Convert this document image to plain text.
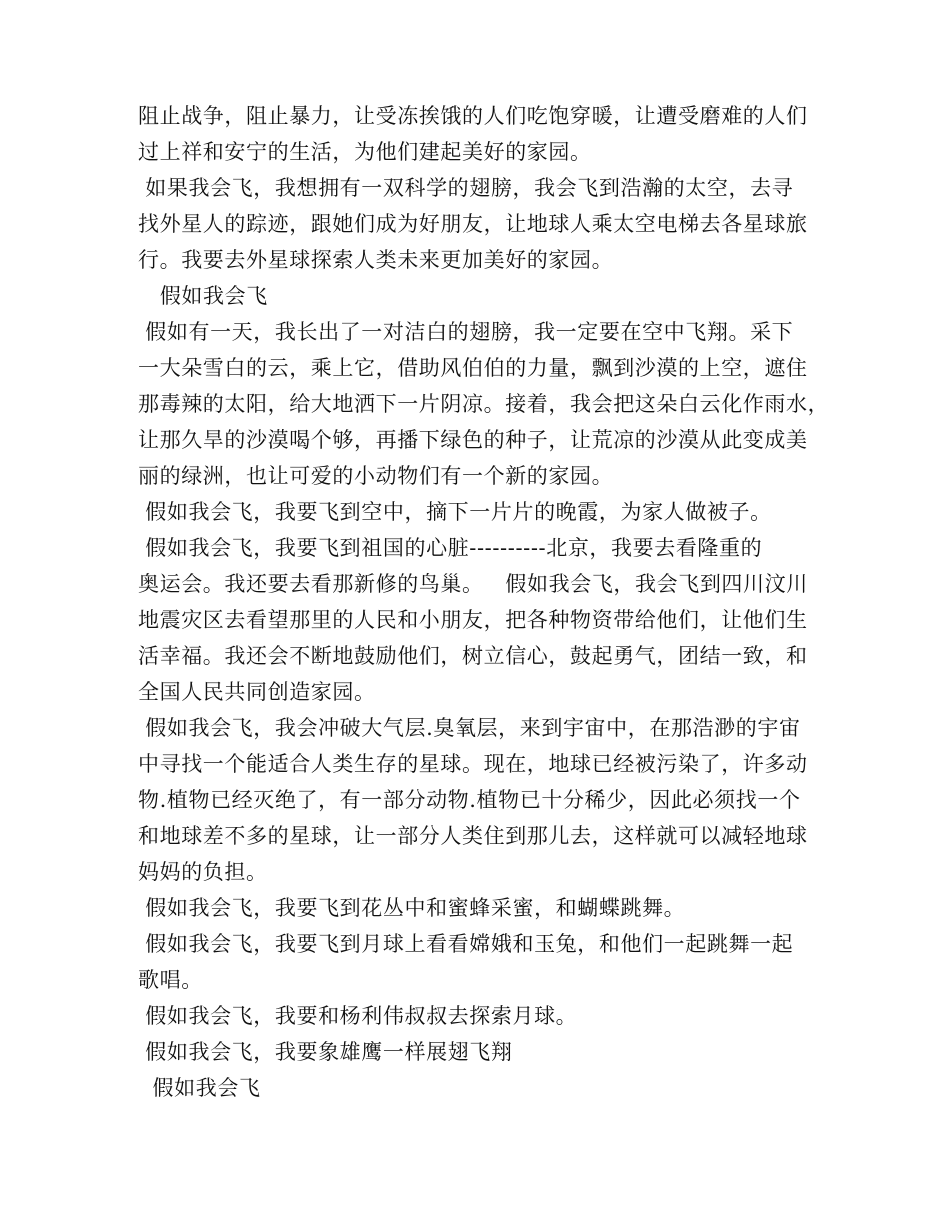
阻止战争，阻止暴力，让受冻挨饿的人们吃饱穿暖，让遭受磨难的人们
过上祥和安宁的生活，为他们建起美好的家园。
如果我会飞，我想拥有一双科学的翅膀，我会飞到浩瀚的太空，去寻
找外星人的踪迹，跟她们成为好朋友，让地球人乘太空电梯去各星球旅
行。我要去外星球探索人类未来更加美好的家园。
假如我会飞
假如有一天，我长出了一对洁白的翅膀，我一定要在空中飞翔。采下
一大朵雪白的云，乘上它，借助风伯伯的力量，飘到沙漠的上空，遮住
那毒辣的太阳，给大地洒下一片阴凉。接着，我会把这朵白云化作雨水，
让那久旱的沙漠喝个够，再播下绿色的种子，让荒凉的沙漠从此变成美
丽的绿洲，也让可爱的小动物们有一个新的家园。
假如我会飞，我要飞到空中，摘下一片片的晚霞，为家人做被子。
假如我会飞，我要飞到祖国的心脏----------北京，我要去看隆重的
奥运会。我还要去看那新修的鸟巢。   假如我会飞，我会飞到四川汶川
地震灾区去看望那里的人民和小朋友，把各种物资带给他们，让他们生
活幸福。我还会不断地鼓励他们，树立信心，鼓起勇气，团结一致，和
全国人民共同创造家园。
假如我会飞，我会冲破大气层.臭氧层，来到宇宙中，在那浩渺的宇宙
中寻找一个能适合人类生存的星球。现在，地球已经被污染了，许多动
物.植物已经灭绝了，有一部分动物.植物已十分稀少，因此必须找一个
和地球差不多的星球，让一部分人类住到那儿去，这样就可以减轻地球
妈妈的负担。
假如我会飞，我要飞到花丛中和蜜蜂采蜜，和蝴蝶跳舞。
假如我会飞，我要飞到月球上看看嫦娥和玉兔，和他们一起跳舞一起
歌唱。
假如我会飞，我要和杨利伟叔叔去探索月球。
假如我会飞，我要象雄鹰一样展翅飞翔
假如我会飞
